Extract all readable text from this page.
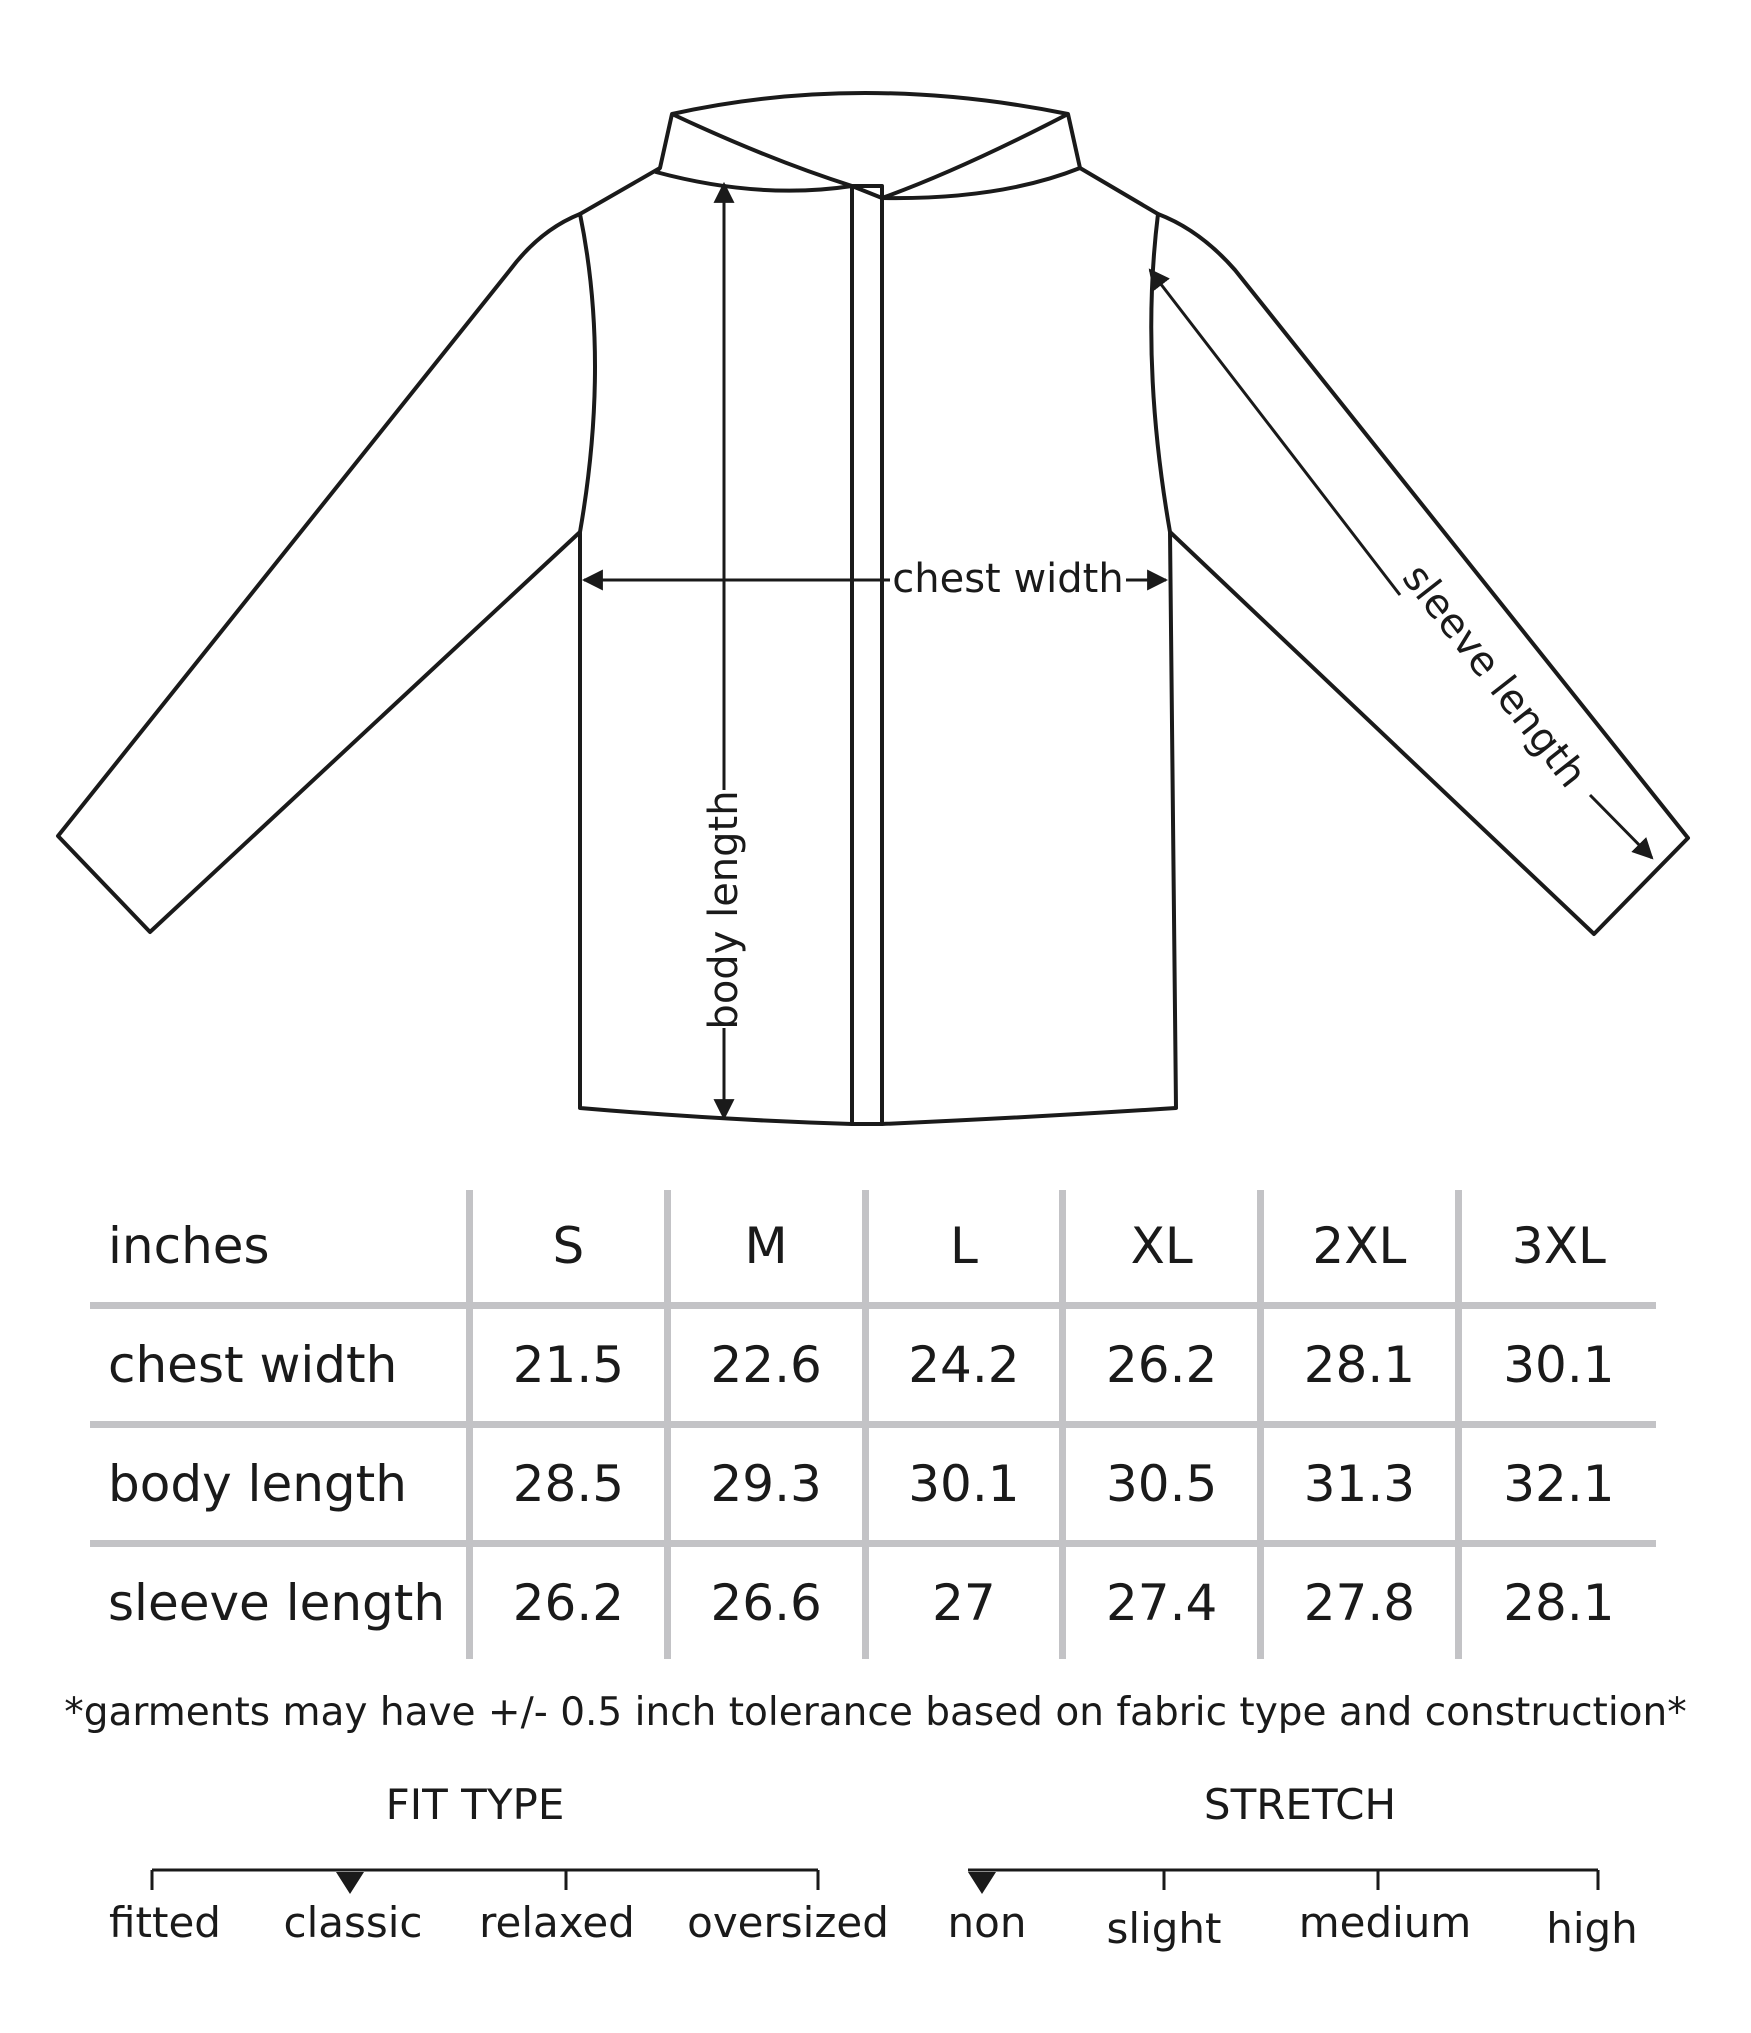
chest width
body length
sleeve length
inches	S	M	L	XL	2XL	3XL
chest width	21.5	22.6	24.2	26.2	28.1	30.1
body length	28.5	29.3	30.1	30.5	31.3	32.1
sleeve length	26.2	26.6	27	27.4	27.8	28.1
*garments may have +/- 0.5 inch tolerance based on fabric type and construction*
FIT TYPE
fitted classic relaxed oversized
STRETCH
non slight medium high
